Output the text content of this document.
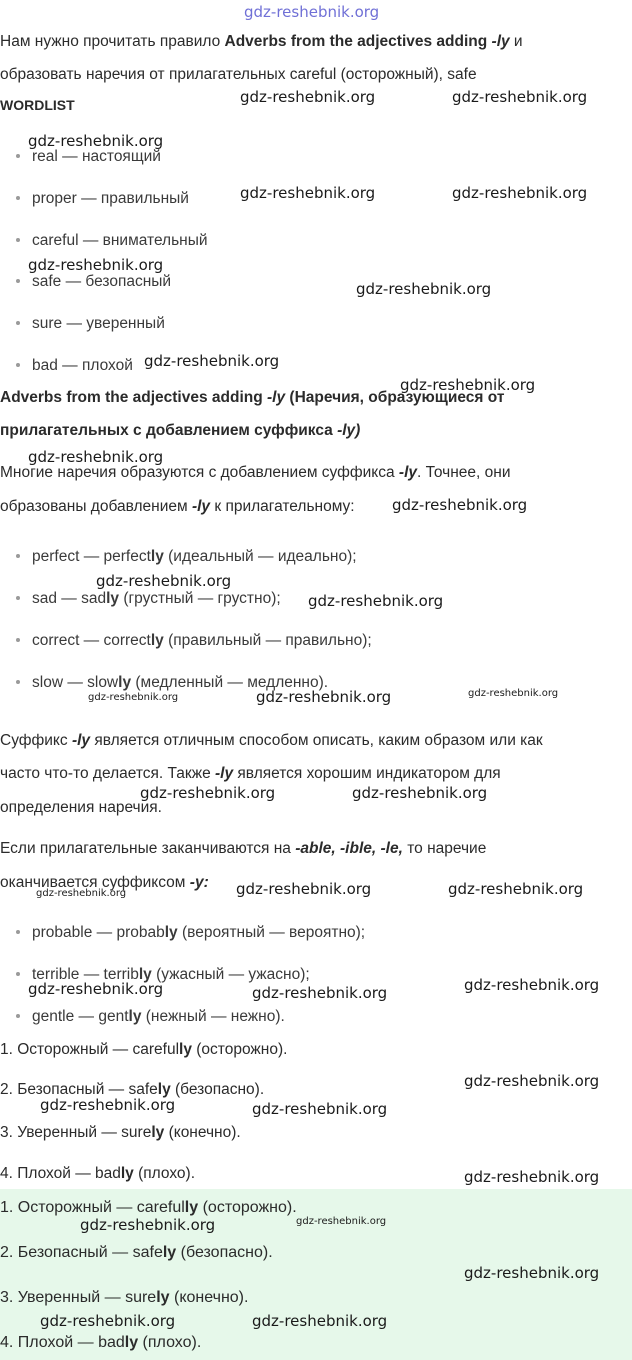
gdz-reshebnik.org
Нам нужно прочитать правило Adverbs from the adjectives adding -ly и
образовать наречия от прилагательных careful (осторожный), safe
WORDLIST
real — настоящий
proper — правильный
careful — внимательный
safe — безопасный
sure — уверенный
bad — плохой
Adverbs from the adjectives adding -ly (Наречия, образующиеся от
прилагательных с добавлением суффикса -ly)
Многие наречия образуются с добавлением суффикса -ly. Точнее, они
образованы добавлением -ly к прилагательному:
perfect — perfectly (идеальный — идеально);
sad — sadly (грустный — грустно);
correct — correctly (правильный — правильно);
slow — slowly (медленный — медленно).
Суффикс -ly является отличным способом описать, каким образом или как
часто что-то делается. Также -ly является хорошим индикатором для
определения наречия.
Если прилагательные заканчиваются на -able, -ible, -le, то наречие
оканчивается суффиксом -y:
probable — probably (вероятный — вероятно);
terrible — terribly (ужасный — ужасно);
gentle — gently (нежный — нежно).
1. Осторожный — carefully (осторожно).
2. Безопасный — safely (безопасно).
3. Уверенный — surely (конечно).
4. Плохой — badly (плохо).
1. Осторожный — carefully (осторожно).
2. Безопасный — safely (безопасно).
3. Уверенный — surely (конечно).
4. Плохой — badly (плохо).
gdz-reshebnik.org	gdz-reshebnik.org
gdz-reshebnik.org
gdz-reshebnik.org	gdz-reshebnik.org
gdz-reshebnik.org
gdz-reshebnik.org
gdz-reshebnik.org
gdz-reshebnik.org
gdz-reshebnik.org
gdz-reshebnik.org
gdz-reshebnik.org
gdz-reshebnik.org
gdz-reshebnik.org	gdz-reshebnik.org	gdz-reshebnik.org
gdz-reshebnik.org	gdz-reshebnik.org
gdz-reshebnik.org	gdz-reshebnik.org	gdz-reshebnik.org
gdz-reshebnik.org	gdz-reshebnik.org	gdz-reshebnik.org
gdz-reshebnik.org
gdz-reshebnik.org	gdz-reshebnik.org
gdz-reshebnik.org
gdz-reshebnik.org	gdz-reshebnik.org
gdz-reshebnik.org
gdz-reshebnik.org	gdz-reshebnik.org
